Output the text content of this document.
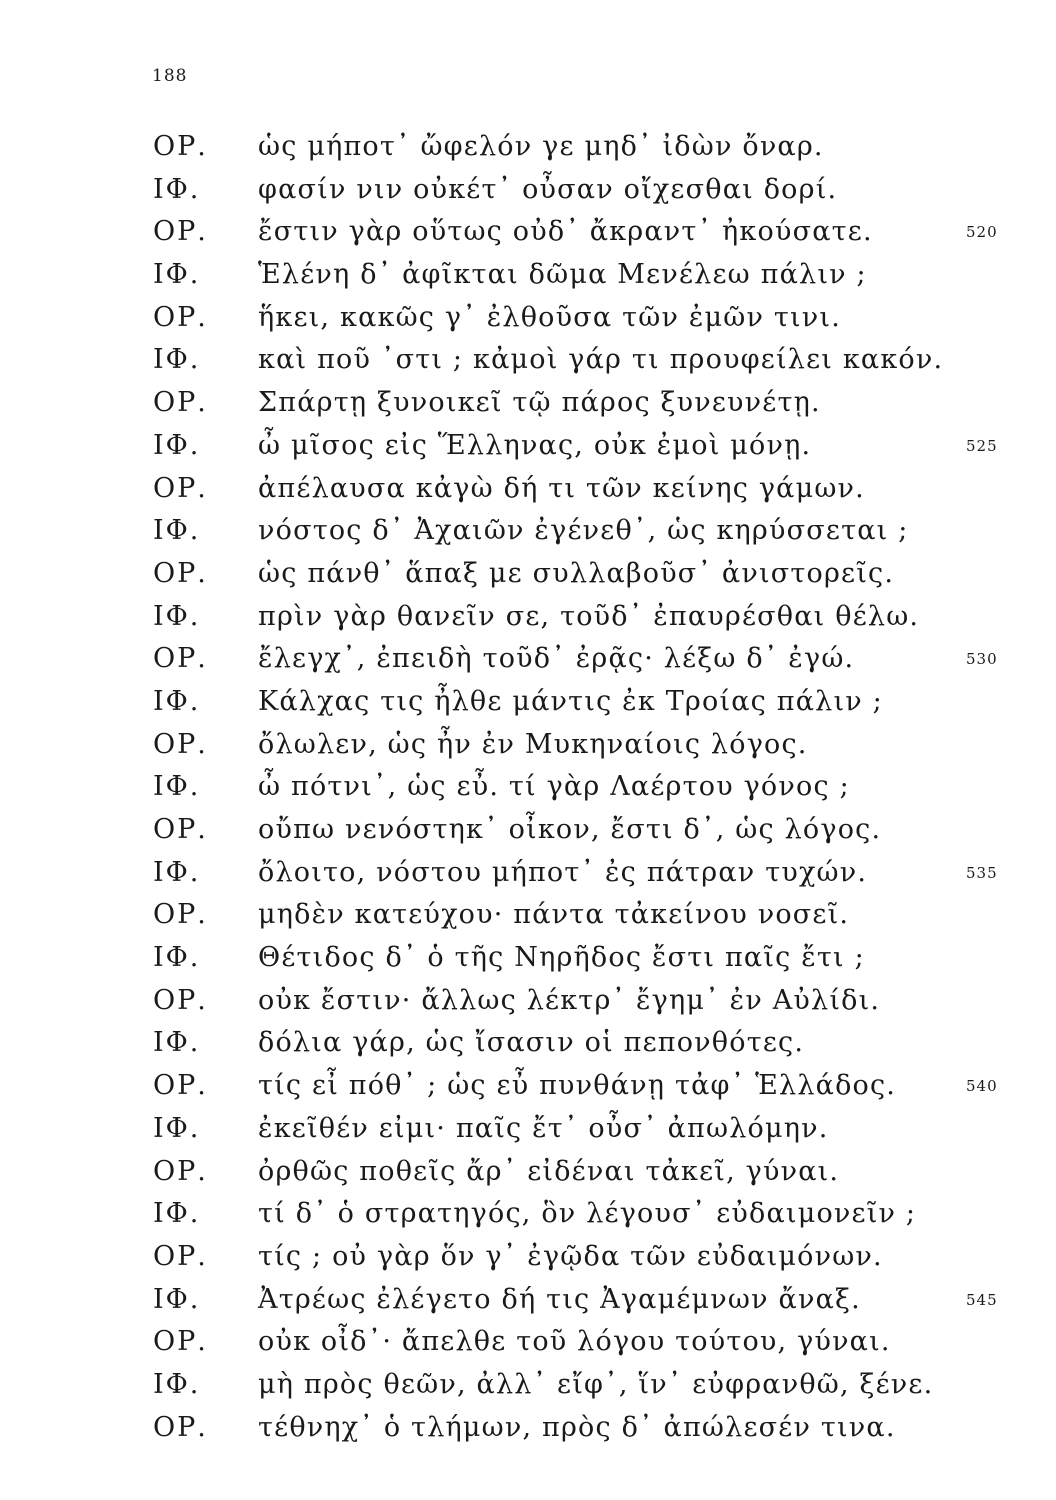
188
ΟΡ. ὡς μήποτ᾽ ὤφελόν γε μηδ᾽ ἰδὼν ὄναρ.
ΙΦ. φασίν νιν οὐκέτ᾽ οὖσαν οἴχεσθαι δορί.
ΟΡ. ἔστιν γὰρ οὕτως οὐδ᾽ ἄκραντ᾽ ἠκούσατε.	520
ΙΦ. Ἑλένη δ᾽ ἀφῖκται δῶμα Μενέλεω πάλιν ;
ΟΡ. ἥκει, κακῶς γ᾽ ἐλθοῦσα τῶν ἐμῶν τινι.
ΙΦ. καὶ ποῦ ᾽στι ; κἀμοὶ γάρ τι προυφείλει κακόν.
ΟΡ. Σπάρτῃ ξυνοικεῖ τῷ πάρος ξυνευνέτῃ.
ΙΦ. ὦ μῖσος εἰς Ἕλληνας, οὐκ ἐμοὶ μόνῃ.	525
ΟΡ. ἀπέλαυσα κἀγὼ δή τι τῶν κείνης γάμων.
ΙΦ. νόστος δ᾽ Ἀχαιῶν ἐγένεθ᾽, ὡς κηρύσσεται ;
ΟΡ. ὡς πάνθ᾽ ἅπαξ με συλλαβοῦσ᾽ ἀνιστορεῖς.
ΙΦ. πρὶν γὰρ θανεῖν σε, τοῦδ᾽ ἐπαυρέσθαι θέλω.
ΟΡ. ἔλεγχ᾽, ἐπειδὴ τοῦδ᾽ ἐρᾷς· λέξω δ᾽ ἐγώ.	530
ΙΦ. Κάλχας τις ἦλθε μάντις ἐκ Τροίας πάλιν ;
ΟΡ. ὄλωλεν, ὡς ἦν ἐν Μυκηναίοις λόγος.
ΙΦ. ὦ πότνι᾽, ὡς εὖ. τί γὰρ Λαέρτου γόνος ;
ΟΡ. οὔπω νενόστηκ᾽ οἶκον, ἔστι δ᾽, ὡς λόγος.
ΙΦ. ὄλοιτο, νόστου μήποτ᾽ ἐς πάτραν τυχών.	535
ΟΡ. μηδὲν κατεύχου· πάντα τἀκείνου νοσεῖ.
ΙΦ. Θέτιδος δ᾽ ὁ τῆς Νηρῆδος ἔστι παῖς ἔτι ;
ΟΡ. οὐκ ἔστιν· ἄλλως λέκτρ᾽ ἔγημ᾽ ἐν Αὐλίδι.
ΙΦ. δόλια γάρ, ὡς ἴσασιν οἱ πεπονθότες.
ΟΡ. τίς εἶ πόθ᾽ ; ὡς εὖ πυνθάνῃ τἀφ᾽ Ἑλλάδος.	540
ΙΦ. ἐκεῖθέν εἰμι· παῖς ἔτ᾽ οὖσ᾽ ἀπωλόμην.
ΟΡ. ὀρθῶς ποθεῖς ἄρ᾽ εἰδέναι τἀκεῖ, γύναι.
ΙΦ. τί δ᾽ ὁ στρατηγός, ὃν λέγουσ᾽ εὐδαιμονεῖν ;
ΟΡ. τίς ; οὐ γὰρ ὅν γ᾽ ἐγῷδα τῶν εὐδαιμόνων.
ΙΦ. Ἀτρέως ἐλέγετο δή τις Ἀγαμέμνων ἄναξ.	545
ΟΡ. οὐκ οἶδ᾽· ἄπελθε τοῦ λόγου τούτου, γύναι.
ΙΦ. μὴ πρὸς θεῶν, ἀλλ᾽ εἴφ᾽, ἵν᾽ εὐφρανθῶ, ξένε.
ΟΡ. τέθνηχ᾽ ὁ τλήμων, πρὸς δ᾽ ἀπώλεσέν τινα.
